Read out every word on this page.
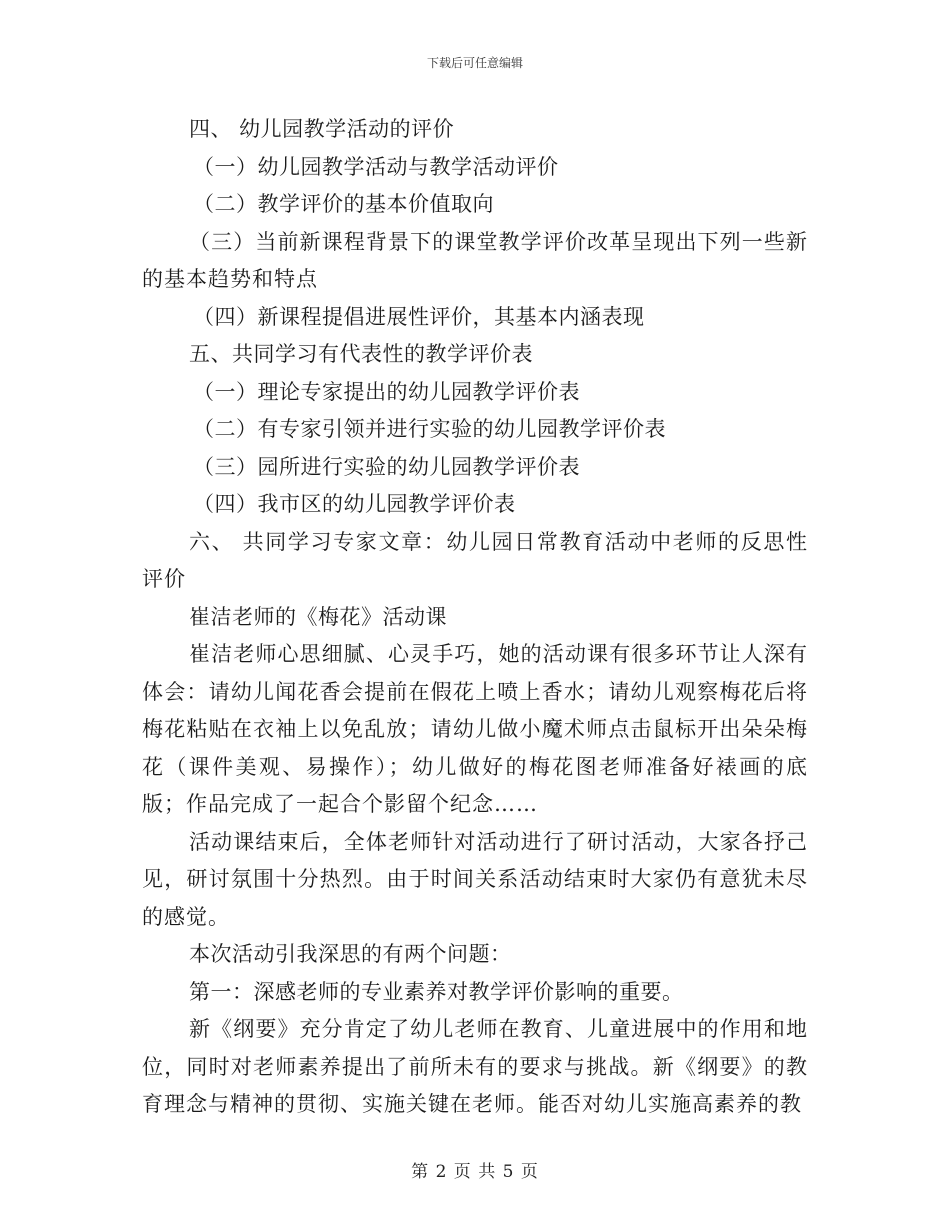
下载后可任意编辑
四、 幼儿园教学活动的评价
（一）幼儿园教学活动与教学活动评价
（二）教学评价的基本价值取向

（三）当前新课程背景下的课堂教学评价改革呈现出下列一些新的基本趋势和特点

（四）新课程提倡进展性评价，其基本内涵表现
五、共同学习有代表性的教学评价表
（一）理论专家提出的幼儿园教学评价表
（二）有专家引领并进行实验的幼儿园教学评价表
（三）园所进行实验的幼儿园教学评价表
（四）我市区的幼儿园教学评价表

六、 共同学习专家文章：幼儿园日常教育活动中老师的反思性评价

崔洁老师的《梅花》活动课

崔洁老师心思细腻、心灵手巧，她的活动课有很多环节让人深有体会：请幼儿闻花香会提前在假花上喷上香水；请幼儿观察梅花后将梅花粘贴在衣袖上以免乱放；请幼儿做小魔术师点击鼠标开出朵朵梅花（课件美观、易操作）；幼儿做好的梅花图老师准备好裱画的底版；作品完成了一起合个影留个纪念……

活动课结束后，全体老师针对活动进行了研讨活动，大家各抒己见，研讨氛围十分热烈。由于时间关系活动结束时大家仍有意犹未尽的感觉。

本次活动引我深思的有两个问题：
第一：深感老师的专业素养对教学评价影响的重要。

新《纲要》充分肯定了幼儿老师在教育、儿童进展中的作用和地位，同时对老师素养提出了前所未有的要求与挑战。新《纲要》的教育理念与精神的贯彻、实施关键在老师。能否对幼儿实施高素养的教

第 2 页 共 5 页
